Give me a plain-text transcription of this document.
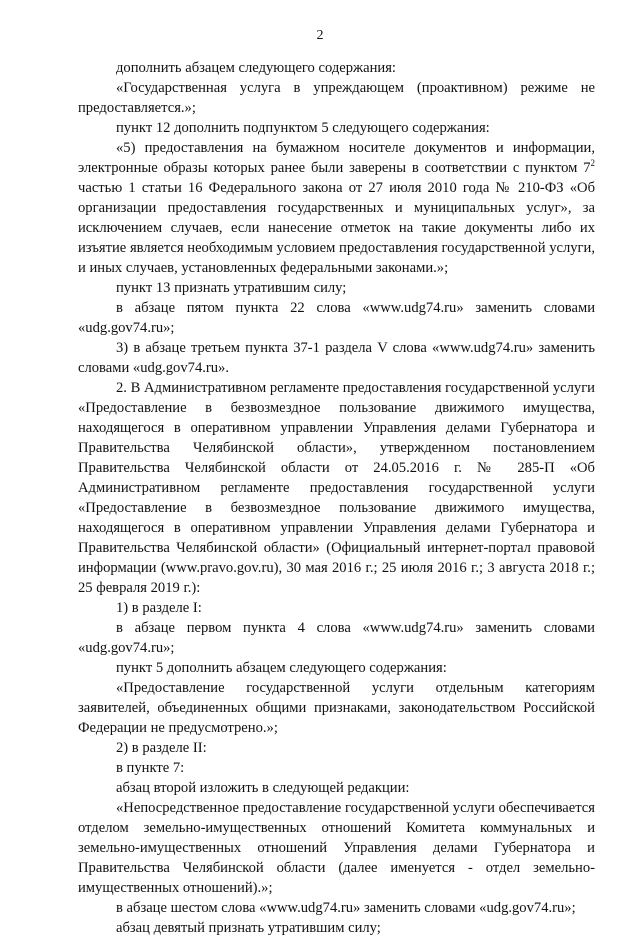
2

дополнить абзацем следующего содержания:

«Государственная услуга в упреждающем (проактивном) режиме не предоставляется.»;

пункт 12 дополнить подпунктом 5 следующего содержания:

«5) предоставления на бумажном носителе документов и информации, электронные образы которых ранее были заверены в соответствии с пунктом $7^2$ частью 1 статьи 16 Федерального закона от 27 июля 2010 года № 210-ФЗ «Об организации предоставления государственных и муниципальных услуг», за исключением случаев, если нанесение отметок на такие документы либо их изъятие является необходимым условием предоставления государственной услуги, и иных случаев, установленных федеральными законами.»;

пункт 13 признать утратившим силу;

в абзаце пятом пункта 22 слова «www.udg74.ru» заменить словами «udg.gov74.ru»;

3) в абзаце третьем пункта 37-1 раздела V слова «www.udg74.ru» заменить словами «udg.gov74.ru».

2. В Административном регламенте предоставления государственной услуги «Предоставление в безвозмездное пользование движимого имущества, находящегося в оперативном управлении Управления делами Губернатора и Правительства Челябинской области», утвержденном постановлением Правительства Челябинской области от 24.05.2016 г. № 285-П «Об Административном регламенте предоставления государственной услуги «Предоставление в безвозмездное пользование движимого имущества, находящегося в оперативном управлении Управления делами Губернатора и Правительства Челябинской области» (Официальный интернет-портал правовой информации (www.pravo.gov.ru), 30 мая 2016 г.; 25 июля 2016 г.; 3 августа 2018 г.; 25 февраля 2019 г.):

1) в разделе I:

в абзаце первом пункта 4 слова «www.udg74.ru» заменить словами «udg.gov74.ru»;

пункт 5 дополнить абзацем следующего содержания:

«Предоставление государственной услуги отдельным категориям заявителей, объединенных общими признаками, законодательством Российской Федерации не предусмотрено.»;

2) в разделе II:

в пункте 7:

абзац второй изложить в следующей редакции:

«Непосредственное предоставление государственной услуги обеспечивается отделом земельно-имущественных отношений Комитета коммунальных и земельно-имущественных отношений Управления делами Губернатора и Правительства Челябинской области (далее именуется - отдел земельно-имущественных отношений).»;

в абзаце шестом слова «www.udg74.ru» заменить словами «udg.gov74.ru»;

абзац девятый признать утратившим силу;
